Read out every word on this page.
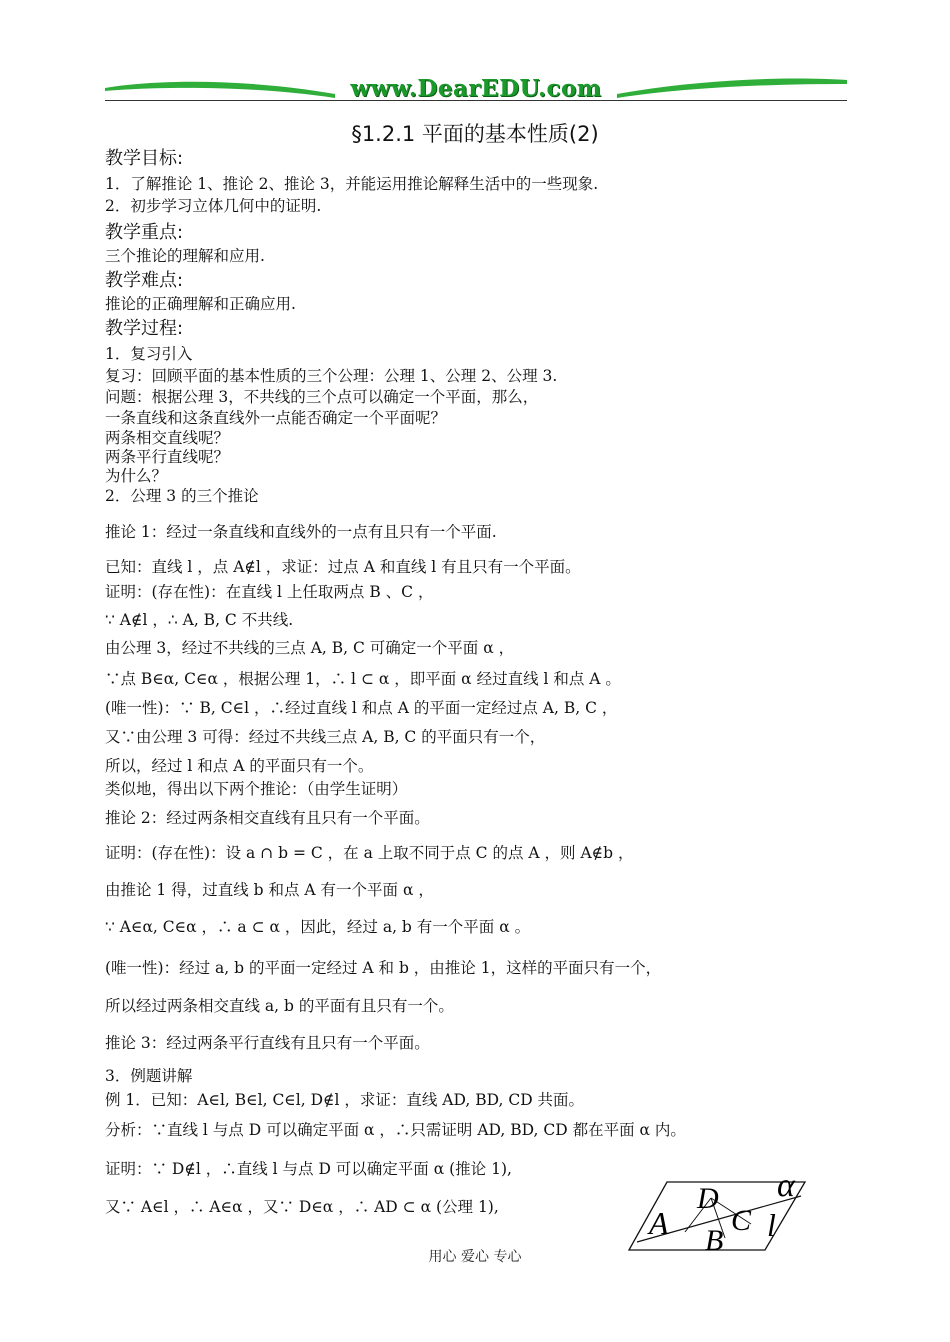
www.DearEDU.com
§1.2.1 平面的基本性质(2)
教学目标:
1．了解推论 1、推论 2、推论 3，并能运用推论解释生活中的一些现象.
2．初步学习立体几何中的证明.
教学重点:
三个推论的理解和应用.
教学难点:
推论的正确理解和正确应用.
教学过程:
1．复习引入
复习：回顾平面的基本性质的三个公理：公理 1、公理 2、公理 3.
问题：根据公理 3，不共线的三个点可以确定一个平面，那么，
一条直线和这条直线外一点能否确定一个平面呢？
两条相交直线呢？
两条平行直线呢？
为什么？
2．公理 3 的三个推论
推论 1：经过一条直线和直线外的一点有且只有一个平面.
已知：直线 l ，点 A∉l ，求证：过点 A 和直线 l 有且只有一个平面。
证明：(存在性)：在直线 l 上任取两点 B 、C ，
∵ A∉l ，∴ A, B, C 不共线.
由公理 3，经过不共线的三点 A, B, C 可确定一个平面 α ，
∵点 B∈α, C∈α ，根据公理 1，∴ l ⊂ α ，即平面 α 经过直线 l 和点 A 。
(唯一性)：∵ B, C∈l ，∴经过直线 l 和点 A 的平面一定经过点 A, B, C ，
又∵由公理 3 可得：经过不共线三点 A, B, C 的平面只有一个，
所以，经过 l 和点 A 的平面只有一个。
类似地，得出以下两个推论：（由学生证明）
推论 2：经过两条相交直线有且只有一个平面。
证明：(存在性)：设 a ∩ b = C ，在 a 上取不同于点 C 的点 A ，则 A∉b ，
由推论 1 得，过直线 b 和点 A 有一个平面 α ，
∵ A∈α, C∈α ，∴ a ⊂ α ，因此，经过 a, b 有一个平面 α 。
(唯一性)：经过 a, b 的平面一定经过 A 和 b ，由推论 1，这样的平面只有一个，
所以经过两条相交直线 a, b 的平面有且只有一个。
推论 3：经过两条平行直线有且只有一个平面。
3．例题讲解
例 1．已知：A∈l, B∈l, C∈l, D∉l ，求证：直线 AD, BD, CD 共面。
分析：∵直线 l 与点 D 可以确定平面 α ，∴只需证明 AD, BD, CD 都在平面 α 内。
证明：∵ D∉l ，∴直线 l 与点 D 可以确定平面 α (推论 1),
又∵ A∈l ，∴ A∈α ，又∵ D∈α ，∴ AD ⊂ α (公理 1),
α
A
D
C
B l
用心 爱心 专心
